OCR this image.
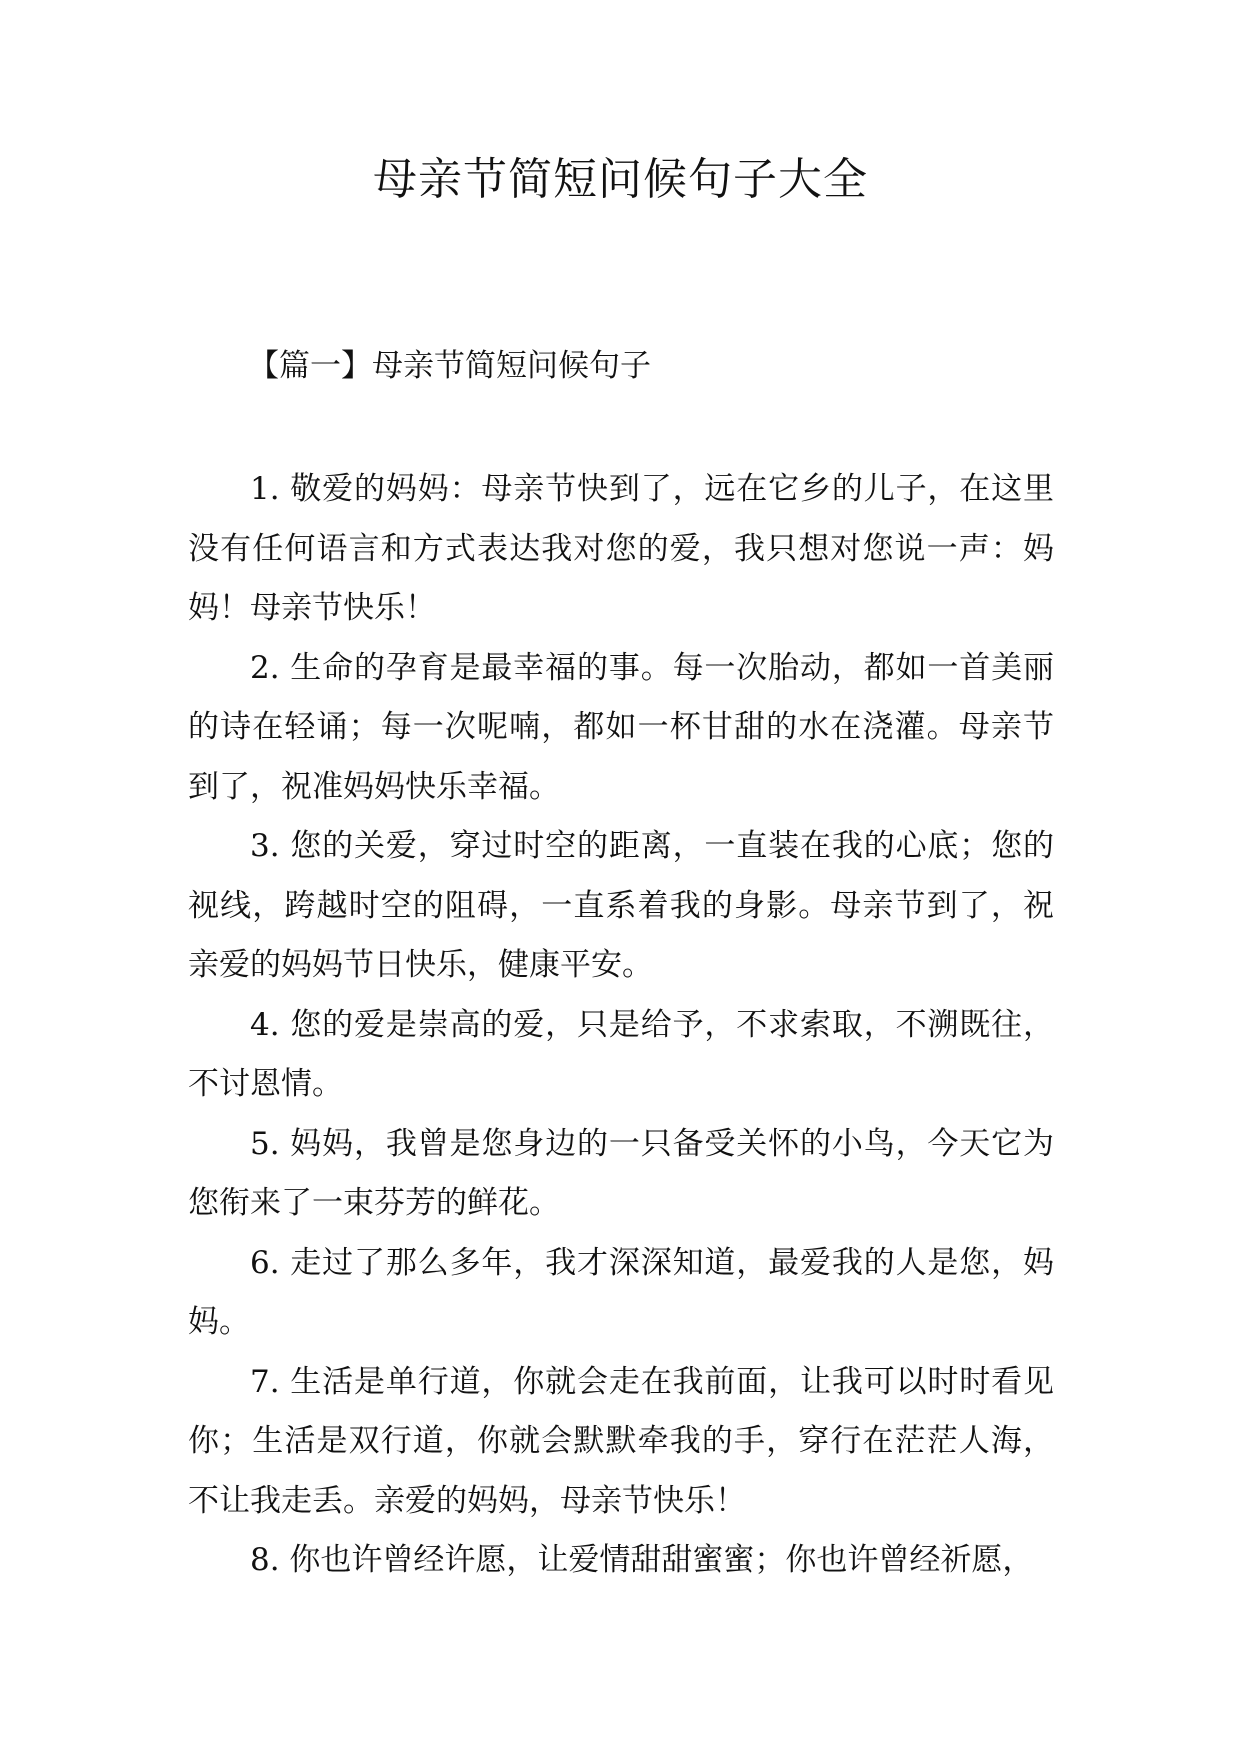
母亲节简短问候句子大全
【篇一】母亲节简短问候句子

1. 敬爱的妈妈：母亲节快到了，远在它乡的儿子，在这里没有任何语言和方式表达我对您的爱，我只想对您说一声：妈妈！母亲节快乐！

2. 生命的孕育是最幸福的事。每一次胎动，都如一首美丽的诗在轻诵；每一次呢喃，都如一杯甘甜的水在浇灌。母亲节到了，祝准妈妈快乐幸福。

3. 您的关爱，穿过时空的距离，一直装在我的心底；您的视线，跨越时空的阻碍，一直系着我的身影。母亲节到了，祝亲爱的妈妈节日快乐，健康平安。

4. 您的爱是崇高的爱，只是给予，不求索取，不溯既往，不讨恩情。

5. 妈妈，我曾是您身边的一只备受关怀的小鸟，今天它为您衔来了一束芬芳的鲜花。

6. 走过了那么多年，我才深深知道，最爱我的人是您，妈妈。

7. 生活是单行道，你就会走在我前面，让我可以时时看见你；生活是双行道，你就会默默牵我的手，穿行在茫茫人海，不让我走丢。亲爱的妈妈，母亲节快乐！

8. 你也许曾经许愿，让爱情甜甜蜜蜜；你也许曾经祈愿，
